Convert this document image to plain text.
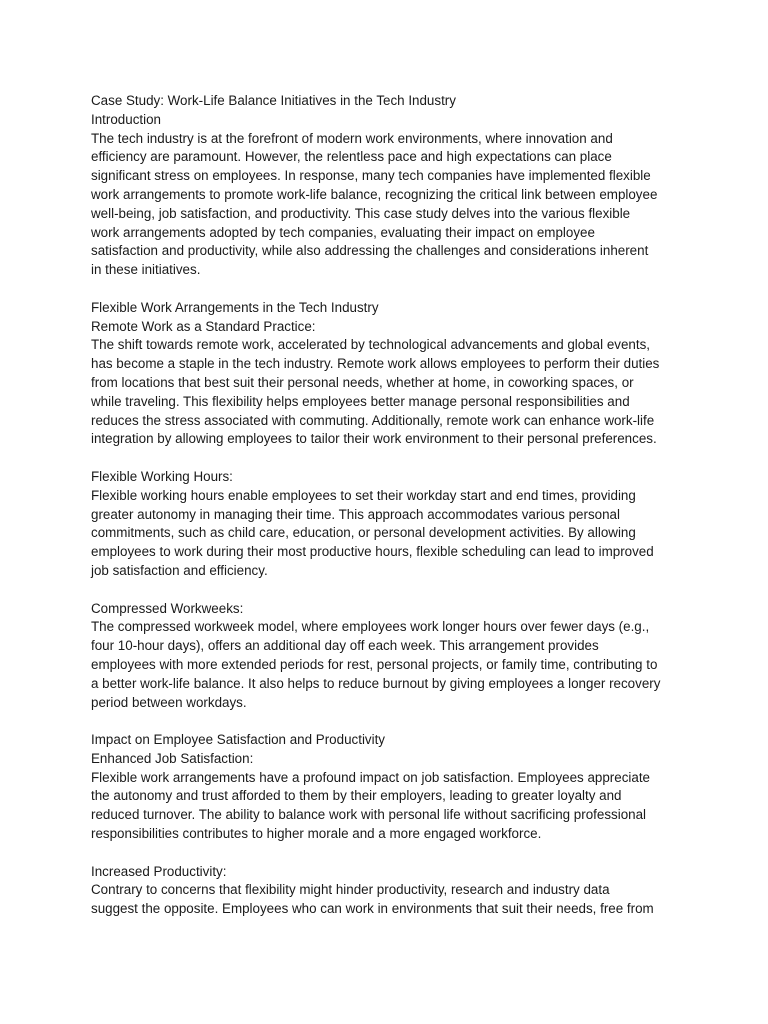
Case Study: Work-Life Balance Initiatives in the Tech Industry
Introduction
The tech industry is at the forefront of modern work environments, where innovation and
efficiency are paramount. However, the relentless pace and high expectations can place
significant stress on employees. In response, many tech companies have implemented flexible
work arrangements to promote work-life balance, recognizing the critical link between employee
well-being, job satisfaction, and productivity. This case study delves into the various flexible
work arrangements adopted by tech companies, evaluating their impact on employee
satisfaction and productivity, while also addressing the challenges and considerations inherent
in these initiatives.
Flexible Work Arrangements in the Tech Industry
Remote Work as a Standard Practice:
The shift towards remote work, accelerated by technological advancements and global events,
has become a staple in the tech industry. Remote work allows employees to perform their duties
from locations that best suit their personal needs, whether at home, in coworking spaces, or
while traveling. This flexibility helps employees better manage personal responsibilities and
reduces the stress associated with commuting. Additionally, remote work can enhance work-life
integration by allowing employees to tailor their work environment to their personal preferences.
Flexible Working Hours:
Flexible working hours enable employees to set their workday start and end times, providing
greater autonomy in managing their time. This approach accommodates various personal
commitments, such as child care, education, or personal development activities. By allowing
employees to work during their most productive hours, flexible scheduling can lead to improved
job satisfaction and efficiency.
Compressed Workweeks:
The compressed workweek model, where employees work longer hours over fewer days (e.g.,
four 10-hour days), offers an additional day off each week. This arrangement provides
employees with more extended periods for rest, personal projects, or family time, contributing to
a better work-life balance. It also helps to reduce burnout by giving employees a longer recovery
period between workdays.
Impact on Employee Satisfaction and Productivity
Enhanced Job Satisfaction:
Flexible work arrangements have a profound impact on job satisfaction. Employees appreciate
the autonomy and trust afforded to them by their employers, leading to greater loyalty and
reduced turnover. The ability to balance work with personal life without sacrificing professional
responsibilities contributes to higher morale and a more engaged workforce.
Increased Productivity:
Contrary to concerns that flexibility might hinder productivity, research and industry data
suggest the opposite. Employees who can work in environments that suit their needs, free from
